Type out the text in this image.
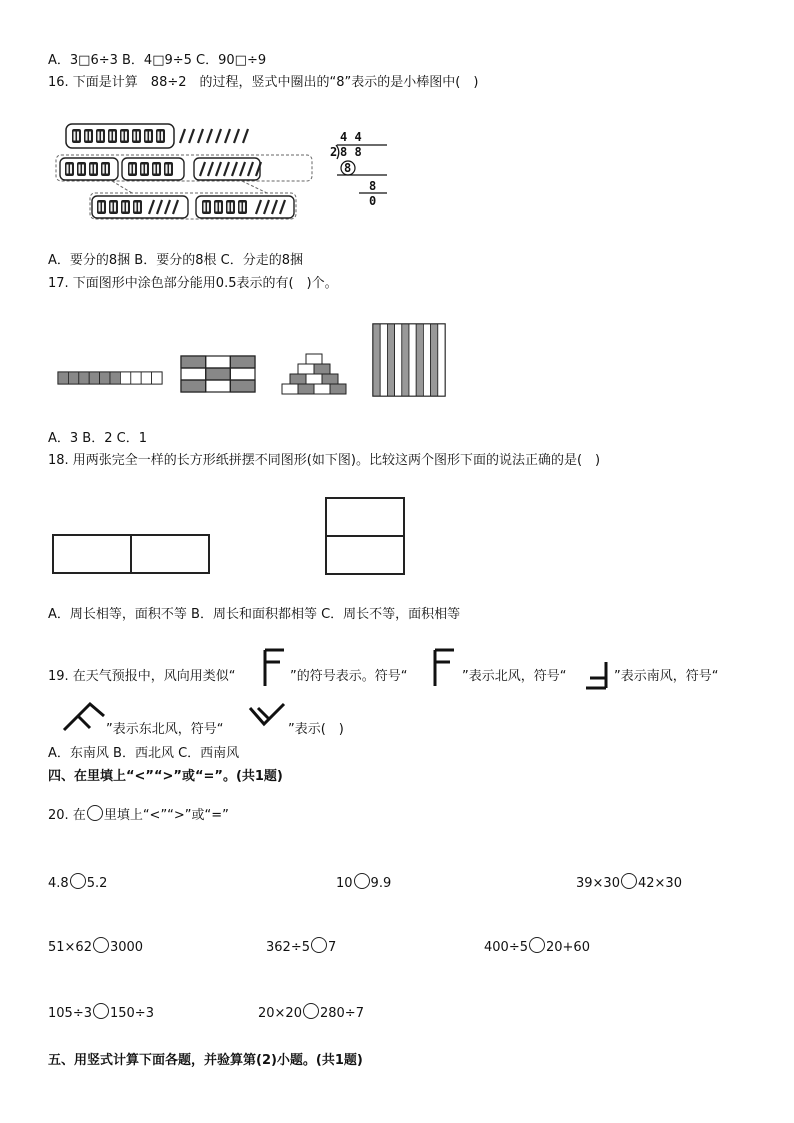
A．3□6÷3 B．4□9÷5 C．90□÷9
16. 下面是计算　88÷2　的过程，竖式中圈出的“8”表示的是小棒图中(　)
4 4
2 8 8
8
8
0
A．要分的8捆 B．要分的8根 C．分走的8捆
17. 下面图形中涂色部分能用0.5表示的有(　)个。
A．3 B．2 C．1
18. 用两张完全一样的长方形纸拼摆不同图形(如下图)。比较这两个图形下面的说法正确的是(　)
A．周长相等，面积不等 B．周长和面积都相等 C．周长不等，面积相等
19. 在天气预报中，风向用类似“	”的符号表示。符号“	”表示北风，符号“	”表示南风，符号“
”表示东北风，符号“	”表示(　)
A．东南风 B．西北风 C．西南风
四、在里填上“<”“>”或“=”。(共1题)
20. 在 里填上“<”“>”或“=”
4.8 5.2	10 9.9	39×30 42×30
51×62 3000	362÷5 7	400÷5 20+60
105÷3 150÷3	20×20 280÷7
五、用竖式计算下面各题，并验算第(2)小题。(共1题)
